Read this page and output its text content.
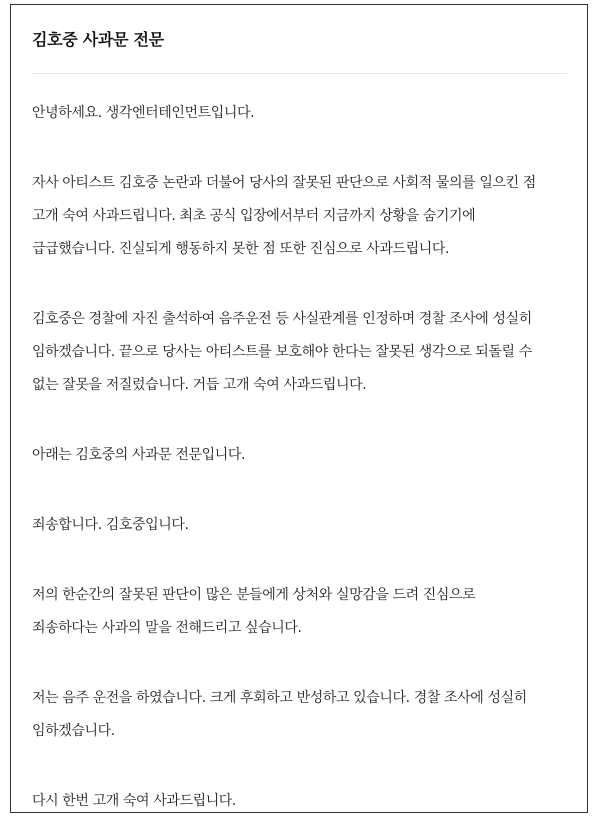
김호중 사과문 전문

안녕하세요. 생각엔터테인먼트입니다.

자사 아티스트 김호중 논란과 더불어 당사의 잘못된 판단으로 사회적 물의를 일으킨 점
고개 숙여 사과드립니다. 최초 공식 입장에서부터 지금까지 상황을 숨기기에
급급했습니다. 진실되게 행동하지 못한 점 또한 진심으로 사과드립니다.

김호중은 경찰에 자진 출석하여 음주운전 등 사실관계를 인정하며 경찰 조사에 성실히
임하겠습니다. 끝으로 당사는 아티스트를 보호해야 한다는 잘못된 생각으로 되돌릴 수
없는 잘못을 저질렀습니다. 거듭 고개 숙여 사과드립니다.

아래는 김호중의 사과문 전문입니다.

죄송합니다. 김호중입니다.

저의 한순간의 잘못된 판단이 많은 분들에게 상처와 실망감을 드려 진심으로
죄송하다는 사과의 말을 전해드리고 싶습니다.

저는 음주 운전을 하였습니다. 크게 후회하고 반성하고 있습니다. 경찰 조사에 성실히
임하겠습니다.

다시 한번 고개 숙여 사과드립니다.
